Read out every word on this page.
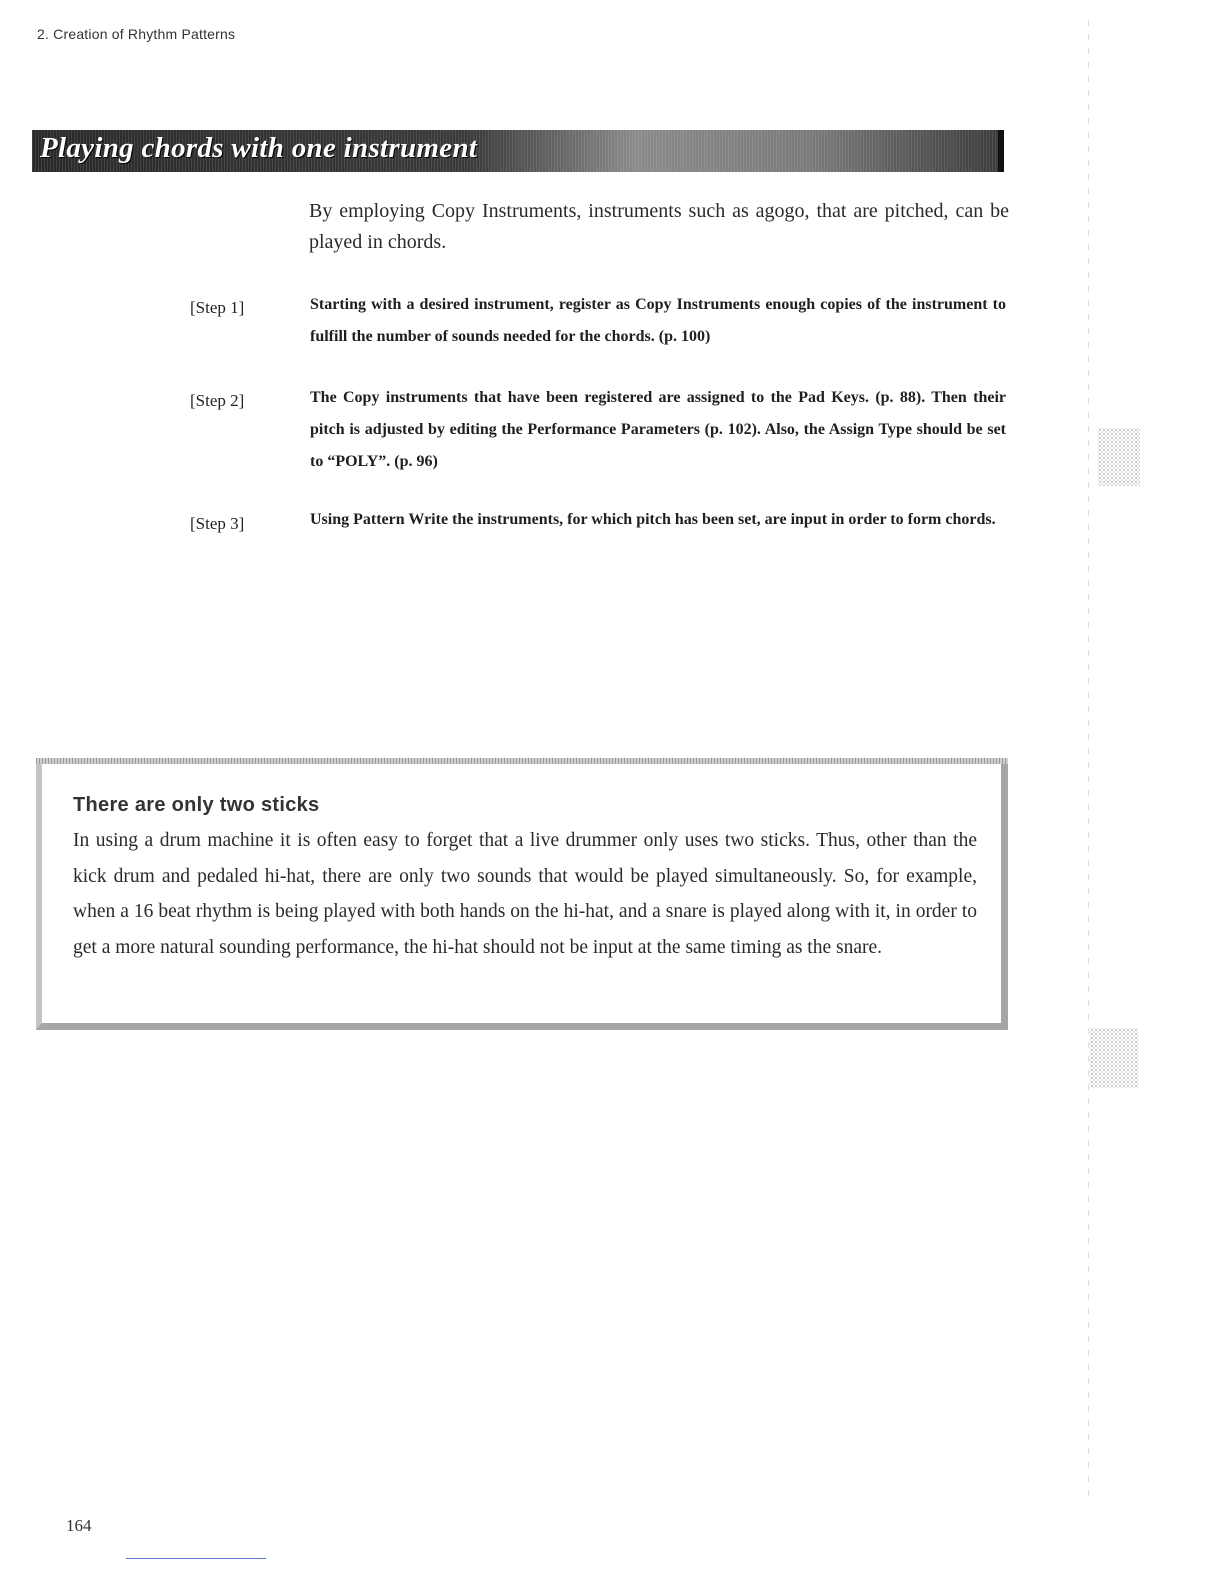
2. Creation of Rhythm Patterns
Playing chords with one instrument

By employing Copy Instruments, instruments such as agogo, that are pitched, can be played in chords.

[Step 1]	Starting with a desired instrument, register as Copy Instruments enough copies of the instrument to fulfill the number of sounds needed for the chords. (p. 100)
[Step 2]	The Copy instruments that have been registered are assigned to the Pad Keys. (p. 88). Then their pitch is adjusted by editing the Performance Parameters (p. 102). Also, the Assign Type should be set to “POLY”. (p. 96)
[Step 3]	Using Pattern Write the instruments, for which pitch has been set, are input in order to form chords.
There are only two sticks

In using a drum machine it is often easy to forget that a live drummer only uses two sticks. Thus, other than the kick drum and pedaled hi-hat, there are only two sounds that would be played simultaneously. So, for example, when a 16 beat rhythm is being played with both hands on the hi-hat, and a snare is played along with it, in order to get a more natural sounding performance, the hi-hat should not be input at the same timing as the snare.

164
